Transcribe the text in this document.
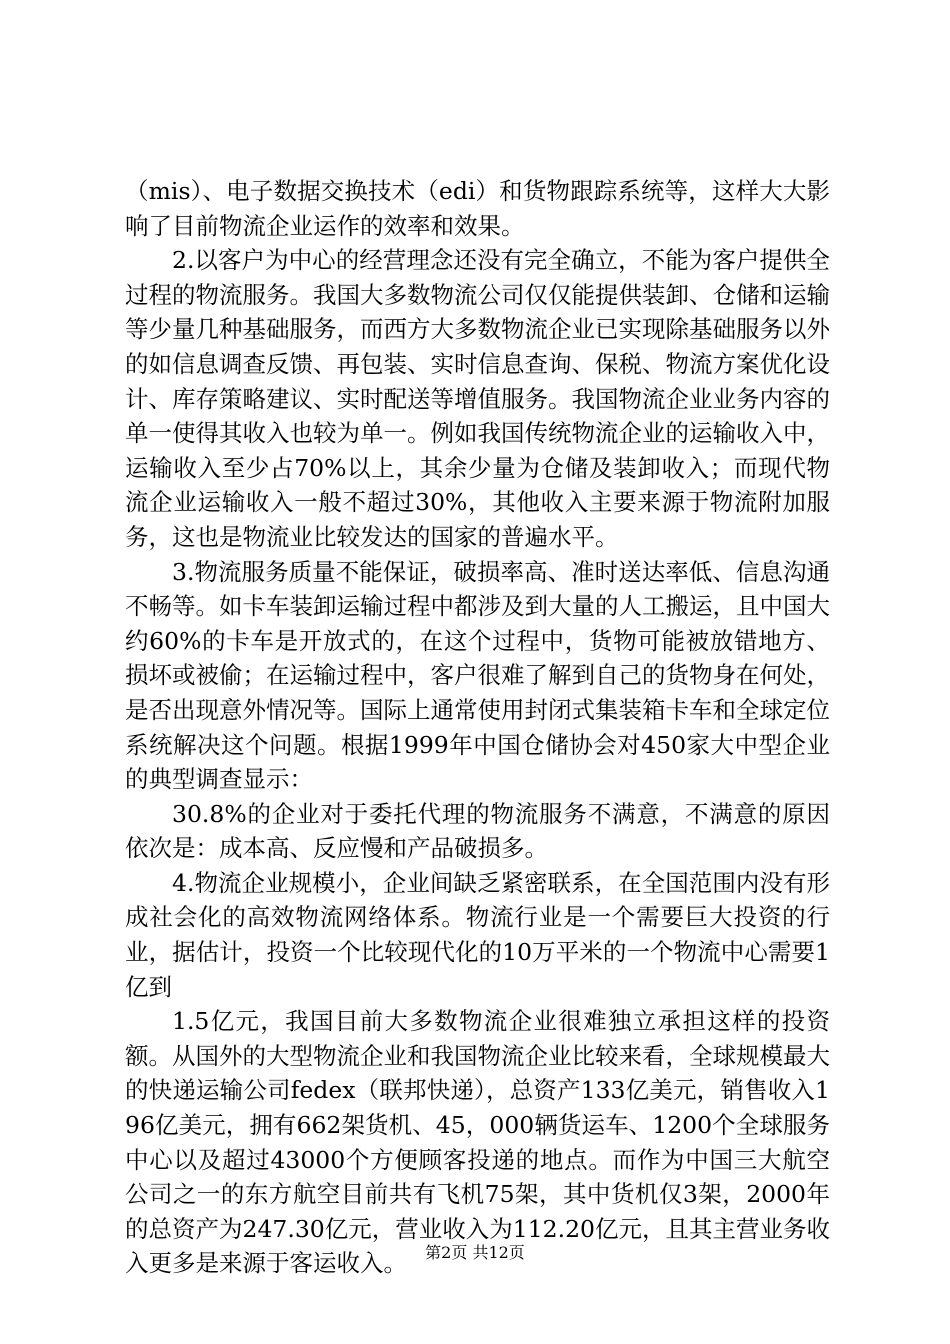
（mis）、电子数据交换技术（edi）和货物跟踪系统等，这样大大影响了目前物流企业运作的效率和效果。

2.以客户为中心的经营理念还没有完全确立，不能为客户提供全过程的物流服务。我国大多数物流公司仅仅能提供装卸、仓储和运输等少量几种基础服务，而西方大多数物流企业已实现除基础服务以外的如信息调查反馈、再包装、实时信息查询、保税、物流方案优化设计、库存策略建议、实时配送等增值服务。我国物流企业业务内容的单一使得其收入也较为单一。例如我国传统物流企业的运输收入中，运输收入至少占70%以上，其余少量为仓储及装卸收入；而现代物流企业运输收入一般不超过30%，其他收入主要来源于物流附加服务，这也是物流业比较发达的国家的普遍水平。

3.物流服务质量不能保证，破损率高、准时送达率低、信息沟通不畅等。如卡车装卸运输过程中都涉及到大量的人工搬运，且中国大约60%的卡车是开放式的，在这个过程中，货物可能被放错地方、损坏或被偷；在运输过程中，客户很难了解到自己的货物身在何处，是否出现意外情况等。国际上通常使用封闭式集装箱卡车和全球定位系统解决这个问题。根据1999年中国仓储协会对450家大中型企业的典型调查显示：

30.8%的企业对于委托代理的物流服务不满意，不满意的原因依次是：成本高、反应慢和产品破损多。

4.物流企业规模小，企业间缺乏紧密联系，在全国范围内没有形成社会化的高效物流网络体系。物流行业是一个需要巨大投资的行业，据估计，投资一个比较现代化的10万平米的一个物流中心需要1亿到

1.5亿元，我国目前大多数物流企业很难独立承担这样的投资额。从国外的大型物流企业和我国物流企业比较来看，全球规模最大的快递运输公司fedex（联邦快递），总资产133亿美元，销售收入196亿美元，拥有662架货机、45，000辆货运车、1200个全球服务中心以及超过43000个方便顾客投递的地点。而作为中国三大航空公司之一的东方航空目前共有飞机75架，其中货机仅3架，2000年的总资产为247.30亿元，营业收入为112.20亿元，且其主营业务收入更多是来源于客运收入。	第2页 共12页
